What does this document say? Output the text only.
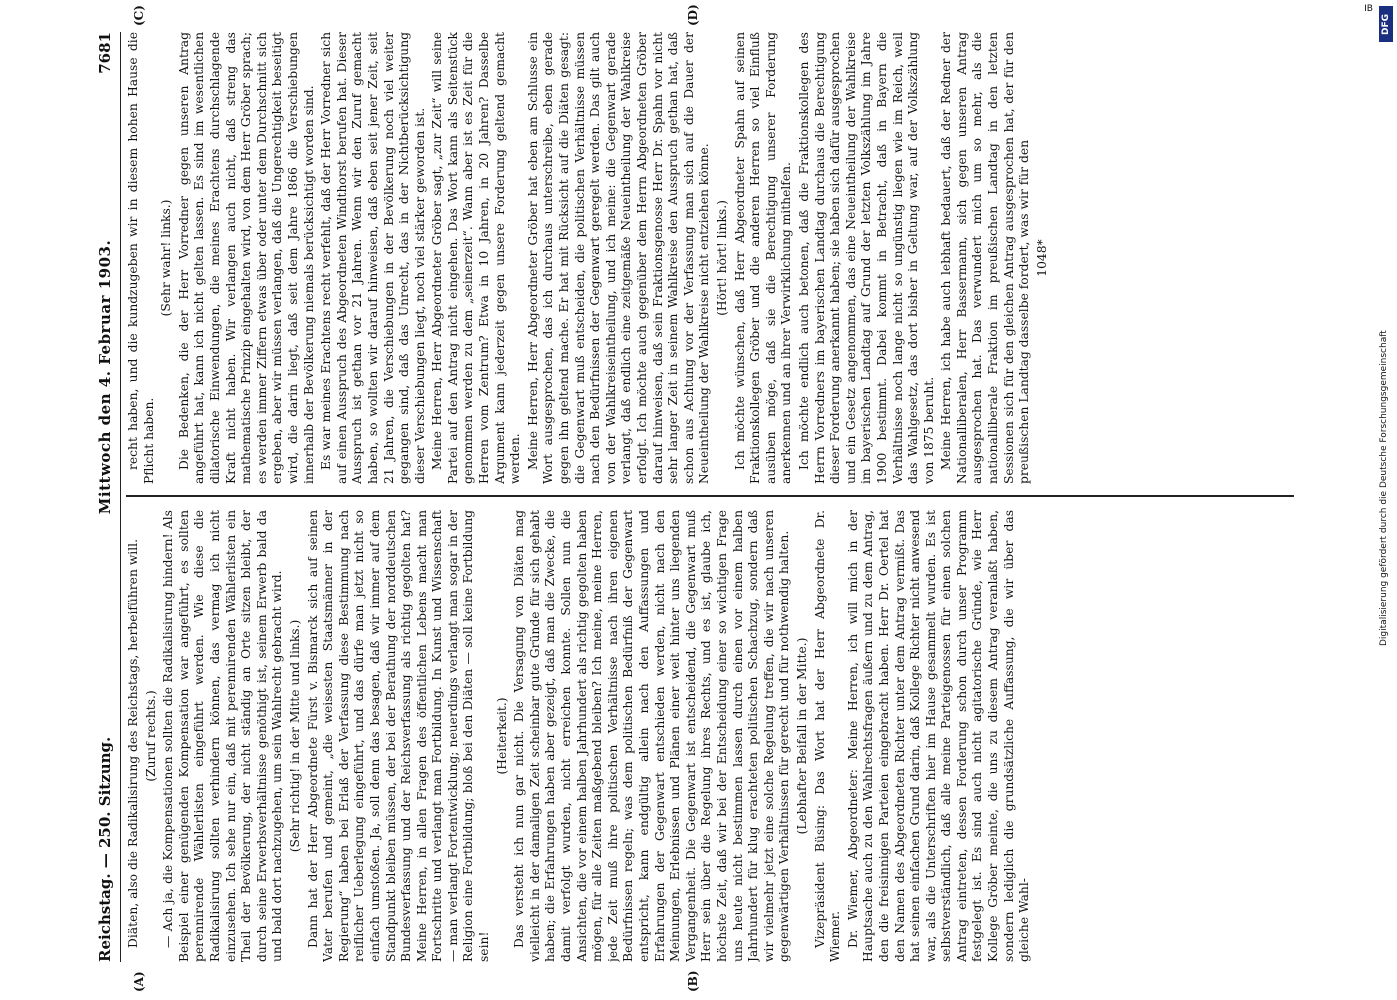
Reichstag. — 250. Sitzung.
Mittwoch den 4. Februar 1903.
7681

Diäten, also die Radikalisirung des Reichstags, herbeiführen will. (Zuruf rechts.) — Ach ja, die Kompensationen sollten die Radikalisirung hindern! Als Beispiel einer genügenden Kompensation war angeführt, es sollten perennirende Wählerlisten eingeführt werden. Wie diese die Radikalisirung sollten verhindern können, das vermag ich nicht einzusehen. Ich sehe nur ein, daß mit perennirenden Wählerlisten ein Theil der Bevölkerung, der nicht ständig an Orte sitzen bleibt, der durch seine Erwerbsverhältnisse genöthigt ist, seinem Erwerb bald da und bald dort nachzugehen, um sein Wahlrecht gebracht wird. (Sehr richtig! in der Mitte und links.) Dann hat der Herr Abgeordnete Fürst v. Bismarck sich auf seinen Vater berufen und gemeint, „die weisesten Staatsmänner in der Regierung“ haben bei Erlaß der Verfassung diese Bestimmung nach reiflicher Ueberlegung eingeführt, und das dürfe man jetzt nicht so einfach umstoßen. Ja, soll denn das besagen, daß wir immer auf dem Standpunkt bleiben müssen, der bei der Berathung der norddeutschen Bundesverfassung und der Reichsverfassung als richtig gegolten hat? Meine Herren, in allen Fragen des öffentlichen Lebens macht man Fortschritte und verlangt man Fortbildung. In Kunst und Wissenschaft — man verlangt Fortentwicklung; neuerdings verlangt man sogar in der Religion eine Fortbildung; bloß bei den Diäten — soll keine Fortbildung sein!

(Heiterkeit.) Das versteht ich nun gar nicht. Die Versagung von Diäten mag vielleicht in der damaligen Zeit scheinbar gute Gründe für sich gehabt haben; die Erfahrungen haben aber gezeigt, daß man die Zwecke, die damit verfolgt wurden, nicht erreichen konnte. Sollen nun die Ansichten, die vor einem halben Jahrhundert als richtig gegolten haben mögen, für alle Zeiten maßgebend bleiben? Ich meine, meine Herren, jede Zeit muß ihre politischen Verhältnisse nach ihren eigenen Bedürfnissen regeln; was dem politischen Bedürfniß der Gegenwart entspricht, kann endgültig allein nach den Auffassungen und Erfahrungen der Gegenwart entschieden werden, nicht nach den Meinungen, Erlebnissen und Plänen einer weit hinter uns liegenden Vergangenheit. Die Gegenwart ist entscheidend, die Gegenwart muß Herr sein über die Regelung ihres Rechts, und es ist, glaube ich, höchste Zeit, daß wir bei der Entscheidung einer so wichtigen Frage uns heute nicht bestimmen lassen durch einen vor einem halben Jahrhundert für klug erachteten politischen Schachzug, sondern daß wir vielmehr jetzt eine solche Regelung treffen, die wir nach unseren gegenwärtigen Verhältnissen für gerecht und für nothwendig halten. (Lebhafter Beifall in der Mitte.) Vizepräsident Büsing: Das Wort hat der Herr Abgeordnete Dr. Wiemer. Dr. Wiemer, Abgeordneter: Meine Herren, ich will mich in der Hauptsache auch zu den Wahlrechtsfragen äußern und zu dem Antrag, den die freisinnigen Parteien eingebracht haben. Herr Dr. Oertel hat den Namen des Abgeordneten Richter unter dem Antrag vermißt. Das hat seinen einfachen Grund darin, daß Kollege Richter nicht anwesend war, als die Unterschriften hier im Hause gesammelt wurden. Es ist selbstverständlich, daß alle meine Parteigenossen für einen solchen Antrag eintreten, dessen Forderung schon durch unser Programm festgelegt ist. Es sind auch nicht agitatorische Gründe, wie Herr Kollege Gröber meinte, die uns zu diesem Antrag veranlaßt haben, sondern lediglich die grundsätzliche Auffassung, die wir über das gleiche Wahl-

recht haben, und die kundzugeben wir in diesem hohen Hause die Pflicht haben.

(Sehr wahr! links.) Die Bedenken, die der Herr Vorredner gegen unseren Antrag angeführt hat, kann ich nicht gelten lassen. Es sind im wesentlichen dilatorische Einwendungen, die meines Erachtens durchschlagende Kraft nicht haben. Wir verlangen auch nicht, daß streng das mathematische Prinzip eingehalten wird, von dem Herr Gröber sprach; es werden immer Ziffern etwas über oder unter dem Durchschnitt sich ergeben, aber wir müssen verlangen, daß die Ungerechtigkeit beseitigt wird, die darin liegt, daß seit dem Jahre 1866 die Verschiebungen innerhalb der Bevölkerung niemals berücksichtigt worden sind. Es war meines Erachtens recht verfehlt, daß der Herr Vorredner sich auf einen Ausspruch des Abgeordneten Windthorst berufen hat. Dieser Ausspruch ist gethan vor 21 Jahren. Wenn wir den Zuruf gemacht haben, so wollten wir darauf hinweisen, daß eben seit jener Zeit, seit 21 Jahren, die Verschiebungen in der Bevölkerung noch viel weiter gegangen sind, daß das Unrecht, das in der Nichtberücksichtigung dieser Verschiebungen liegt, noch viel stärker geworden ist. Meine Herren, Herr Abgeordneter Gröber sagt, „zur Zeit“ will seine Partei auf den Antrag nicht eingehen. Das Wort kann als Seitenstück genommen werden zu dem „seinerzeit“. Wann aber ist es Zeit für die Herren vom Zentrum? Etwa in 10 Jahren, in 20 Jahren? Dasselbe Argument kann jederzeit gegen unsere Forderung geltend gemacht werden. Meine Herren, Herr Abgeordneter Gröber hat eben am Schlusse ein Wort ausgesprochen, das ich durchaus unterschreibe, eben gerade gegen ihn geltend mache. Er hat mit Rücksicht auf die Diäten gesagt: die Gegenwart muß entscheiden, die politischen Verhältnisse müssen nach den Bedürfnissen der Gegenwart geregelt werden. Das gilt auch von der Wahlkreiseintheilung, und ich meine: die Gegenwart gerade verlangt, daß endlich eine zeitgemäße Neueintheilung der Wahlkreise erfolgt. Ich möchte auch gegenüber dem Herrn Abgeordneten Gröber darauf hinweisen, daß sein Fraktionsgenosse Herr Dr. Spahn vor nicht sehr langer Zeit in seinem Wahlkreise den Ausspruch gethan hat, daß schon aus Achtung vor der Verfassung man sich auf die Dauer der Neueintheilung der Wahlkreise nicht entziehen könne. (Hört! hört! links.) Ich möchte wünschen, daß Herr Abgeordneter Spahn auf seinen Fraktionskollegen Gröber und die anderen Herren so viel Einfluß ausüben möge, daß sie die Berechtigung unserer Forderung anerkennen und an ihrer Verwirklichung mithelfen. Ich möchte endlich auch betonen, daß die Fraktionskollegen des Herrn Vorredners im bayerischen Landtag durchaus die Berechtigung dieser Forderung anerkannt haben; sie haben sich dafür ausgesprochen und ein Gesetz angenommen, das eine Neueintheilung der Wahlkreise im bayerischen Landtag auf Grund der letzten Volkszählung im Jahre 1900 bestimmt. Dabei kommt in Betracht, daß in Bayern die Verhältnisse noch lange nicht so ungünstig liegen wie im Reich, weil das Wahlgesetz, das dort bisher in Geltung war, auf der Volkszählung von 1875 beruht. Meine Herren, ich habe auch lebhaft bedauert, daß der Redner der Nationalliberalen, Herr Bassermann, sich gegen unseren Antrag ausgesprochen hat. Das verwundert mich um so mehr, als die nationalliberale Fraktion im preußischen Landtag in den letzten Sessionen sich für den gleichen Antrag ausgesprochen hat, der für den preußischen Landtag dasselbe fordert, was wir für den 1048*

(A)	(B)
(C)	(D)	IB
DFG
Digitalisierung gefördert durch die Deutsche Forschungsgemeinschaft
